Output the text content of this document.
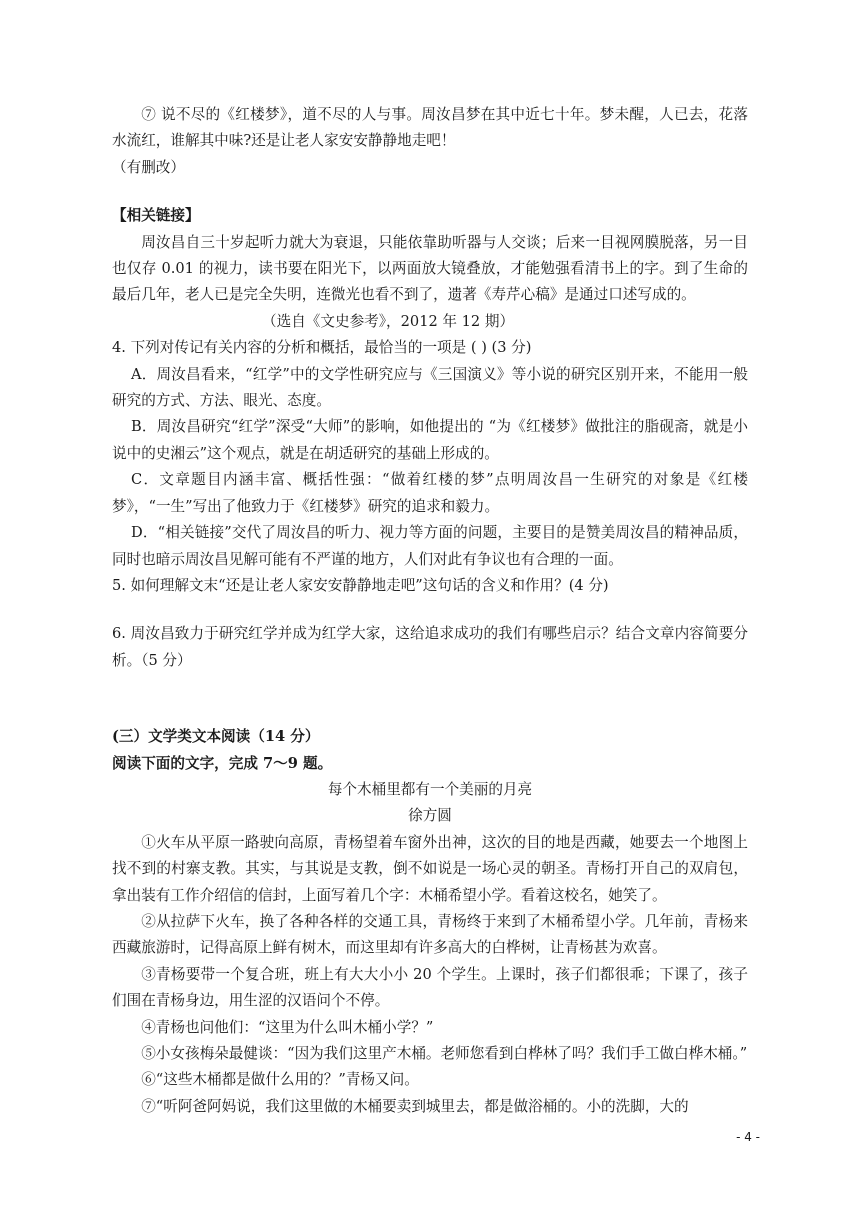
⑦ 说不尽的《红楼梦》，道不尽的人与事。周汝昌梦在其中近七十年。梦未醒，人已去，花落水流红，谁解其中味?还是让老人家安安静静地走吧！

（有删改）

【相关链接】

周汝昌自三十岁起听力就大为衰退，只能依靠助听器与人交谈；后来一目视网膜脱落，另一目也仅存 0.01 的视力，读书要在阳光下，以两面放大镜叠放，才能勉强看清书上的字。到了生命的最后几年，老人已是完全失明，连微光也看不到了，遗著《寿芹心稿》是通过口述写成的。

（选自《文史参考》，2012 年 12 期）

4. 下列对传记有关内容的分析和概括，最恰当的一项是 ( ) (3 分)

A．周汝昌看来，“红学”中的文学性研究应与《三国演义》等小说的研究区别开来，不能用一般研究的方式、方法、眼光、态度。

B．周汝昌研究“红学”深受“大师”的影响，如他提出的 “为《红楼梦》做批注的脂砚斋，就是小说中的史湘云”这个观点，就是在胡适研究的基础上形成的。

C．文章题目内涵丰富、概括性强：“做着红楼的梦”点明周汝昌一生研究的对象是《红楼梦》，“一生”写出了他致力于《红楼梦》研究的追求和毅力。

D．“相关链接”交代了周汝昌的听力、视力等方面的问题，主要目的是赞美周汝昌的精神品质，同时也暗示周汝昌见解可能有不严谨的地方，人们对此有争议也有合理的一面。

5. 如何理解文末“还是让老人家安安静静地走吧”这句话的含义和作用？(4 分)

6. 周汝昌致力于研究红学并成为红学大家，这给追求成功的我们有哪些启示？结合文章内容简要分析。（5 分）

(三）文学类文本阅读（14 分）

阅读下面的文字，完成 7～9 题。

每个木桶里都有一个美丽的月亮

徐方圆

①火车从平原一路驶向高原，青杨望着车窗外出神，这次的目的地是西藏，她要去一个地图上找不到的村寨支教。其实，与其说是支教，倒不如说是一场心灵的朝圣。青杨打开自己的双肩包，拿出装有工作介绍信的信封，上面写着几个字：木桶希望小学。看着这校名，她笑了。

②从拉萨下火车，换了各种各样的交通工具，青杨终于来到了木桶希望小学。几年前，青杨来西藏旅游时，记得高原上鲜有树木，而这里却有许多高大的白桦树，让青杨甚为欢喜。

③青杨要带一个复合班，班上有大大小小 20 个学生。上课时，孩子们都很乖；下课了，孩子们围在青杨身边，用生涩的汉语问个不停。

④青杨也问他们：“这里为什么叫木桶小学？”

⑤小女孩梅朵最健谈：“因为我们这里产木桶。老师您看到白桦林了吗？我们手工做白桦木桶。”

⑥“这些木桶都是做什么用的？”青杨又问。

⑦“听阿爸阿妈说，我们这里做的木桶要卖到城里去，都是做浴桶的。小的洗脚，大的

- 4 -
